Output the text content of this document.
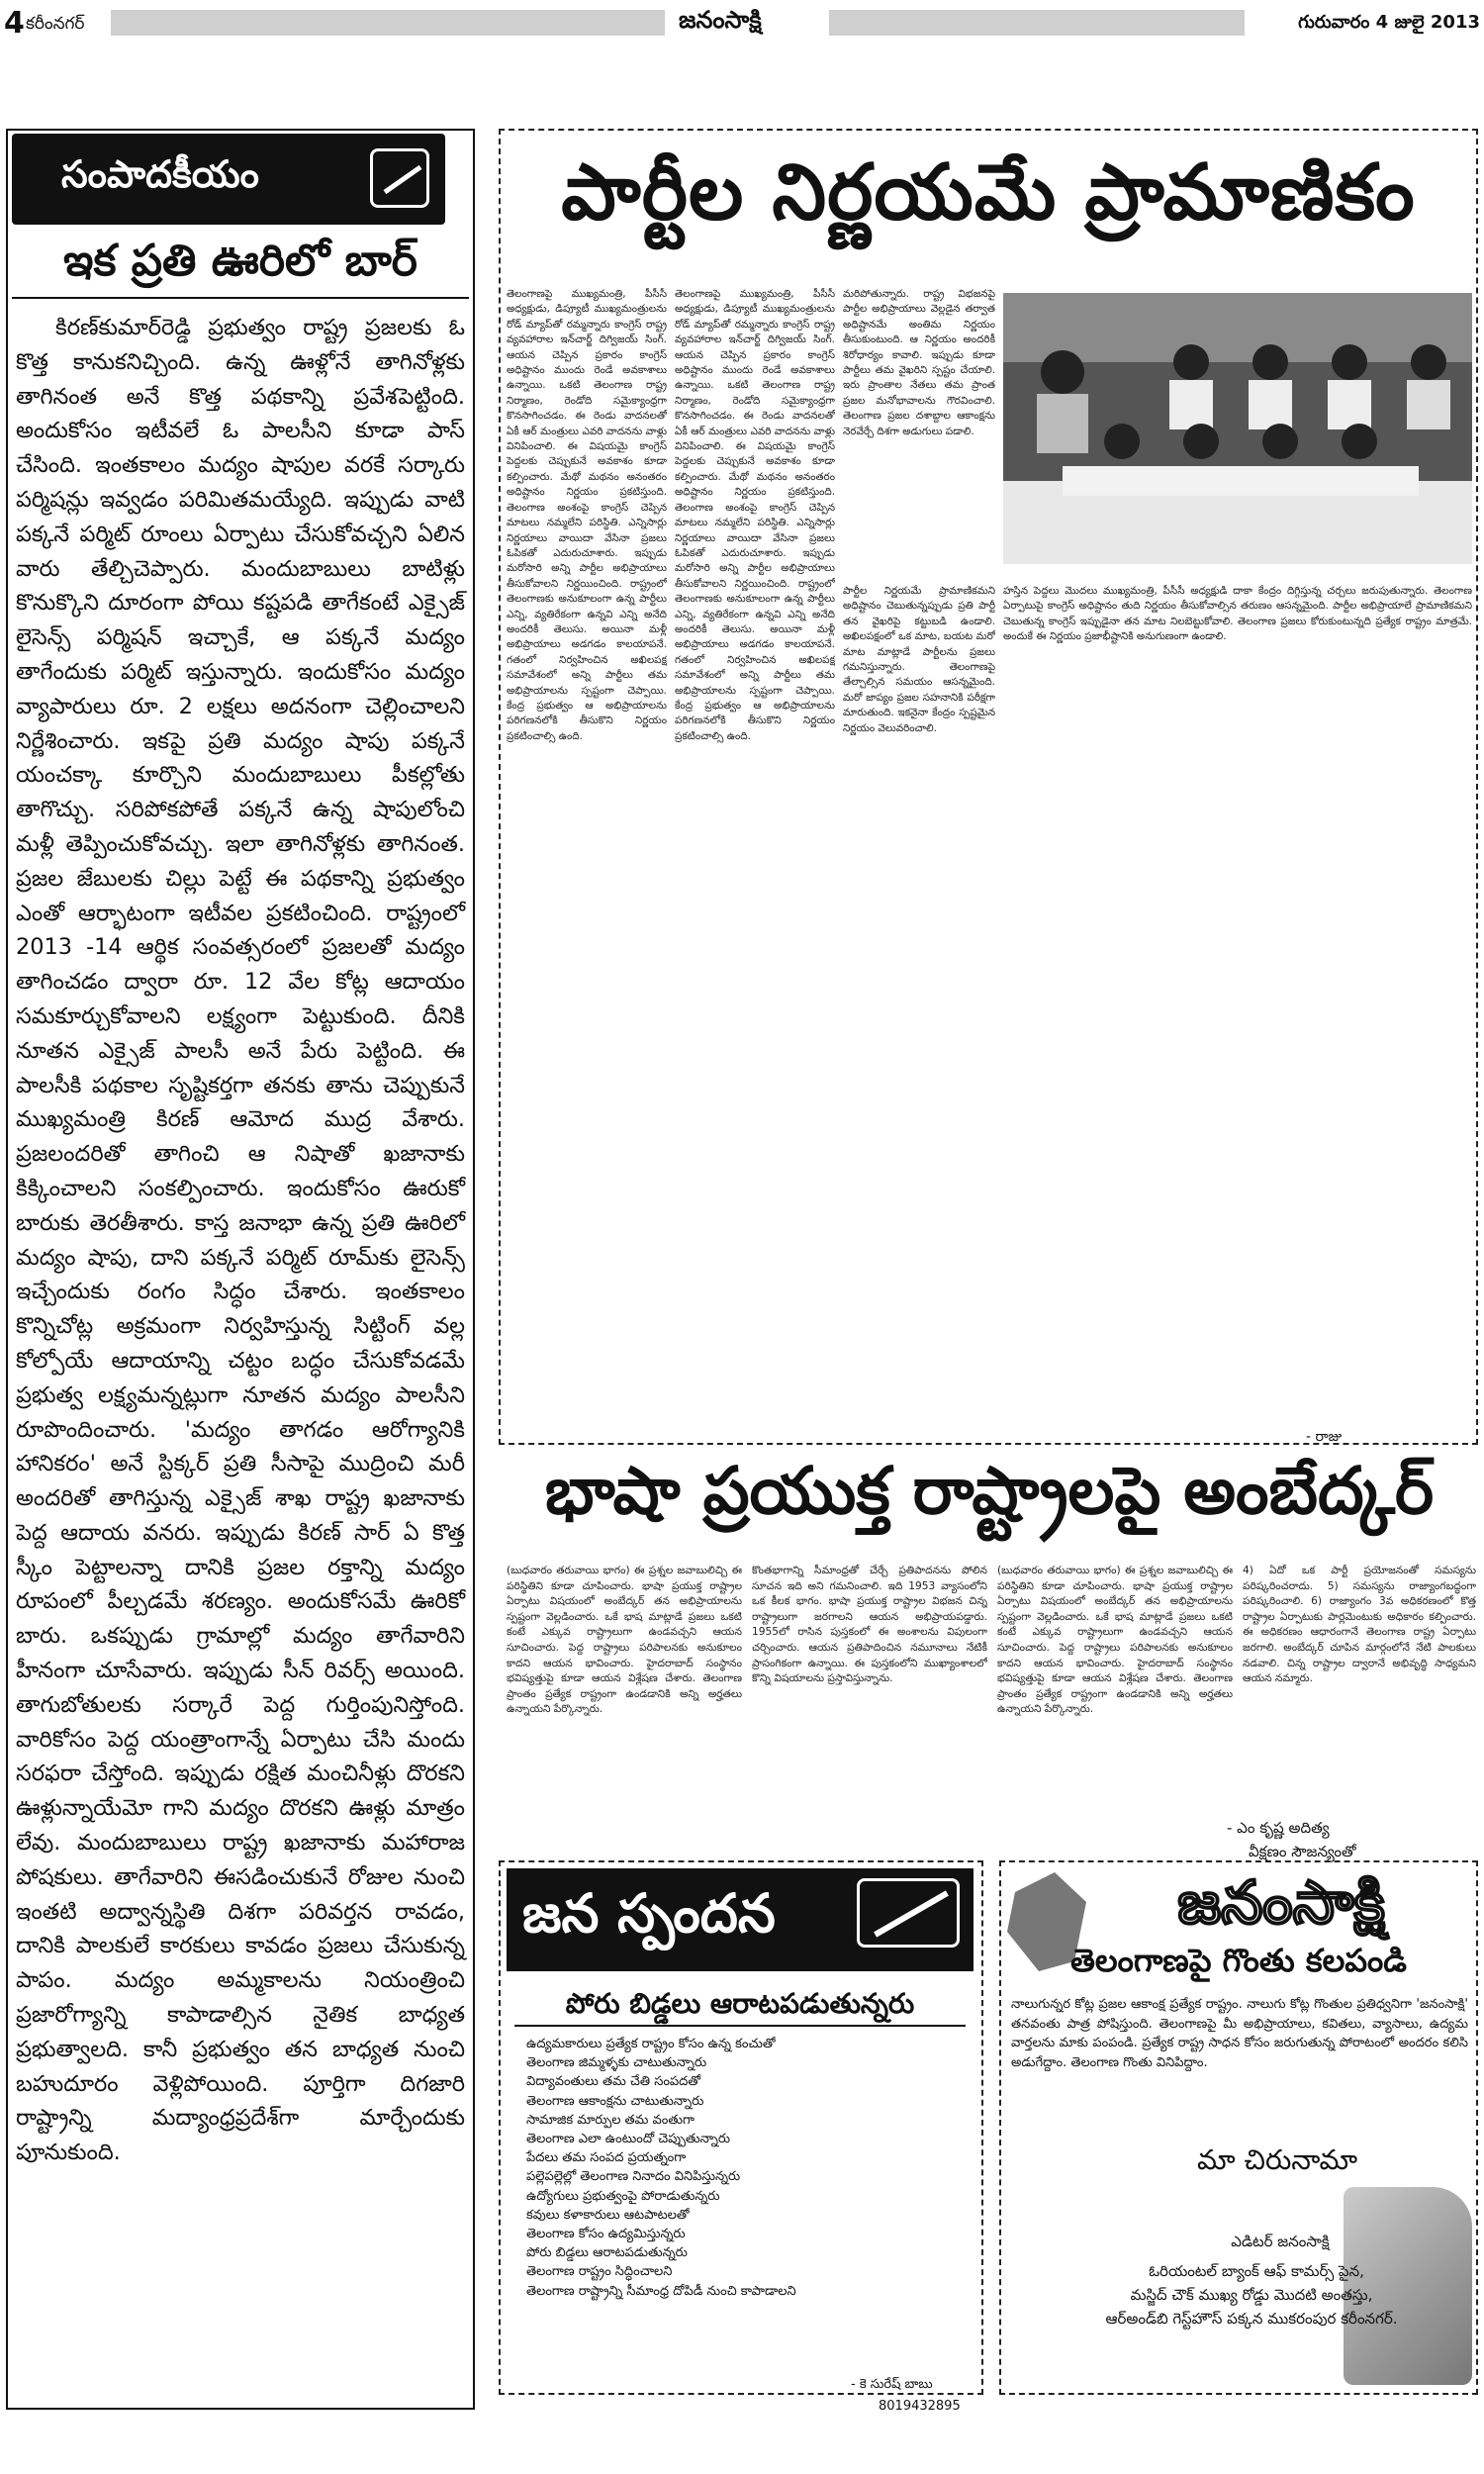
4 కరీంనగర్	జనంసాక్షి	గురువారం 4 జులై 2013
సంపాదకీయం
ఇక ప్రతి ఊరిలో బార్
కిరణ్‌కుమార్‌రెడ్డి ప్రభుత్వం రాష్ట్ర ప్రజలకు ఓ కొత్త కానుకనిచ్చింది. ఉన్న ఊళ్లోనే తాగినోళ్లకు తాగినంత అనే కొత్త పథకాన్ని ప్రవేశపెట్టింది. అందుకోసం ఇటీవలే ఓ పాలసీని కూడా పాస్ చేసింది. ఇంతకాలం మద్యం షాపుల వరకే సర్కారు పర్మిషన్లు ఇవ్వడం పరిమితమయ్యేది. ఇప్పుడు వాటి పక్కనే పర్మిట్ రూంలు ఏర్పాటు చేసుకోవచ్చని ఏలిన వారు తేల్చిచెప్పారు. మందుబాబులు బాటిళ్లు కొనుక్కొని దూరంగా పోయి కష్టపడి తాగేకంటే ఎక్సైజ్ లైసెన్స్ పర్మిషన్ ఇచ్చాకే, ఆ పక్కనే మద్యం తాగేందుకు పర్మిట్ ఇస్తున్నారు. ఇందుకోసం మద్యం వ్యాపారులు రూ. 2 లక్షలు అదనంగా చెల్లించాలని నిర్ణేశించారు. ఇకపై ప్రతి మద్యం షాపు పక్కనే యంచక్కా కూర్చొని మందుబాబులు పీకల్లోతు తాగొచ్చు. సరిపోకపోతే పక్కనే ఉన్న షాపులోంచి మళ్లీ తెప్పించుకోవచ్చు. ఇలా తాగినోళ్లకు తాగినంత. ప్రజల జేబులకు చిల్లు పెట్టే ఈ పథకాన్ని ప్రభుత్వం ఎంతో ఆర్భాటంగా ఇటీవల ప్రకటించింది. రాష్ట్రంలో 2013 -14 ఆర్థిక సంవత్సరంలో ప్రజలతో మద్యం తాగించడం ద్వారా రూ. 12 వేల కోట్ల ఆదాయం సమకూర్చుకోవాలని లక్ష్యంగా పెట్టుకుంది. దీనికి నూతన ఎక్సైజ్ పాలసీ అనే పేరు పెట్టింది. ఈ పాలసీకి పథకాల సృష్టికర్తగా తనకు తాను చెప్పుకునే ముఖ్యమంత్రి కిరణ్ ఆమోద ముద్ర వేశారు. ప్రజలందరితో తాగించి ఆ నిషాతో ఖజానాకు కిక్కించాలని సంకల్పించారు. ఇందుకోసం ఊరుకో బారుకు తెరతీశారు. కాస్త జనాభా ఉన్న ప్రతి ఊరిలో మద్యం షాపు, దాని పక్కనే పర్మిట్ రూమ్‌కు లైసెన్స్ ఇచ్చేందుకు రంగం సిద్ధం చేశారు. ఇంతకాలం కొన్నిచోట్ల అక్రమంగా నిర్వహిస్తున్న సిట్టింగ్ వల్ల కోల్పోయే ఆదాయాన్ని చట్టం బద్ధం చేసుకోవడమే ప్రభుత్వ లక్ష్యమన్నట్లుగా నూతన మద్యం పాలసీని రూపొందించారు. 'మద్యం తాగడం ఆరోగ్యానికి హానికరం' అనే స్టిక్కర్ ప్రతి సీసాపై ముద్రించి మరీ అందరితో తాగిస్తున్న ఎక్సైజ్ శాఖ రాష్ట్ర ఖజానాకు పెద్ద ఆదాయ వనరు. ఇప్పుడు కిరణ్ సార్ ఏ కొత్త స్కీం పెట్టాలన్నా దానికి ప్రజల రక్తాన్ని మద్యం రూపంలో పీల్చడమే శరణ్యం. అందుకోసమే ఊరికో బారు. ఒకప్పుడు గ్రామాల్లో మద్యం తాగేవారిని హీనంగా చూసేవారు. ఇప్పుడు సీన్ రివర్స్ అయింది. తాగుబోతులకు సర్కారే పెద్ద గుర్తింపునిస్తోంది. వారికోసం పెద్ద యంత్రాంగాన్నే ఏర్పాటు చేసి మందు సరఫరా చేస్తోంది. ఇప్పుడు రక్షిత మంచినీళ్లు దొరకని ఊళ్లున్నాయేమో గాని మద్యం దొరకని ఊళ్లు మాత్రం లేవు. మందుబాబులు రాష్ట్ర ఖజానాకు మహారాజ పోషకులు. తాగేవారిని ఈసడించుకునే రోజుల నుంచి ఇంతటి అద్వాన్నస్థితి దిశగా పరివర్తన రావడం, దానికి పాలకులే కారకులు కావడం ప్రజలు చేసుకున్న పాపం. మద్యం అమ్మకాలను నియంత్రించి ప్రజారోగ్యాన్ని కాపాడాల్సిన నైతిక బాధ్యత ప్రభుత్వాలది. కానీ ప్రభుత్వం తన బాధ్యత నుంచి బహుదూరం వెళ్లిపోయింది. పూర్తిగా దిగజారి రాష్ట్రాన్ని మద్యాంధ్రప్రదేశ్‌గా మార్చేందుకు పూనుకుంది.
పార్టీల నిర్ణయమే ప్రామాణికం
తెలంగాణపై ముఖ్యమంత్రి, పీసీసీ అధ్యక్షుడు, డిప్యూటీ ముఖ్యమంత్రులను రోడ్ మ్యాప్‌తో రమ్మన్నారు కాంగ్రెస్ రాష్ట్ర వ్యవహారాల ఇన్‌చార్జ్ దిగ్విజయ్ సింగ్. ఆయన చెప్పిన ప్రకారం కాంగ్రెస్ అధిష్టానం ముందు రెండే అవకాశాలు ఉన్నాయి. ఒకటి తెలంగాణ రాష్ట్ర నిర్మాణం, రెండోది సమైక్యాంధ్రగా కొనసాగించడం. ఈ రెండు వాదనలతో ఏకీ ఆర్ మంత్రులు ఎవరి వాదనను వాళ్లు వినిపించాలి. ఈ విషయమై కాంగ్రెస్ పెద్దలకు చెప్పుకునే అవకాశం కూడా కల్పించారు. మేథో మథనం అనంతరం అధిష్టానం నిర్ణయం ప్రకటిస్తుంది. తెలంగాణ అంశంపై కాంగ్రెస్ చెప్పిన మాటలు నమ్మలేని పరిస్థితి. ఎన్నిసార్లు నిర్ణయాలు వాయిదా వేసినా ప్రజలు ఓపికతో ఎదురుచూశారు. ఇప్పుడు మరోసారి అన్ని పార్టీల అభిప్రాయాలు తీసుకోవాలని నిర్ణయించింది. రాష్ట్రంలో తెలంగాణకు అనుకూలంగా ఉన్న పార్టీలు ఎన్ని, వ్యతిరేకంగా ఉన్నవి ఎన్ని అనేది అందరికీ తెలుసు. అయినా మళ్లీ అభిప్రాయాలు అడగడం కాలయాపనే. గతంలో నిర్వహించిన అఖిలపక్ష సమావేశంలో అన్ని పార్టీలు తమ అభిప్రాయాలను స్పష్టంగా చెప్పాయి. కేంద్ర ప్రభుత్వం ఆ అభిప్రాయాలను పరిగణనలోకి తీసుకొని నిర్ణయం ప్రకటించాల్సి ఉంది.
తెలంగాణపై ముఖ్యమంత్రి, పీసీసీ అధ్యక్షుడు, డిప్యూటీ ముఖ్యమంత్రులను రోడ్ మ్యాప్‌తో రమ్మన్నారు కాంగ్రెస్ రాష్ట్ర వ్యవహారాల ఇన్‌చార్జ్ దిగ్విజయ్ సింగ్. ఆయన చెప్పిన ప్రకారం కాంగ్రెస్ అధిష్టానం ముందు రెండే అవకాశాలు ఉన్నాయి. ఒకటి తెలంగాణ రాష్ట్ర నిర్మాణం, రెండోది సమైక్యాంధ్రగా కొనసాగించడం. ఈ రెండు వాదనలతో ఏకీ ఆర్ మంత్రులు ఎవరి వాదనను వాళ్లు వినిపించాలి. ఈ విషయమై కాంగ్రెస్ పెద్దలకు చెప్పుకునే అవకాశం కూడా కల్పించారు. మేథో మథనం అనంతరం అధిష్టానం నిర్ణయం ప్రకటిస్తుంది. తెలంగాణ అంశంపై కాంగ్రెస్ చెప్పిన మాటలు నమ్మలేని పరిస్థితి. ఎన్నిసార్లు నిర్ణయాలు వాయిదా వేసినా ప్రజలు ఓపికతో ఎదురుచూశారు. ఇప్పుడు మరోసారి అన్ని పార్టీల అభిప్రాయాలు తీసుకోవాలని నిర్ణయించింది. రాష్ట్రంలో తెలంగాణకు అనుకూలంగా ఉన్న పార్టీలు ఎన్ని, వ్యతిరేకంగా ఉన్నవి ఎన్ని అనేది అందరికీ తెలుసు. అయినా మళ్లీ అభిప్రాయాలు అడగడం కాలయాపనే. గతంలో నిర్వహించిన అఖిలపక్ష సమావేశంలో అన్ని పార్టీలు తమ అభిప్రాయాలను స్పష్టంగా చెప్పాయి. కేంద్ర ప్రభుత్వం ఆ అభిప్రాయాలను పరిగణనలోకి తీసుకొని నిర్ణయం ప్రకటించాల్సి ఉంది.
మరిపోతున్నారు. రాష్ట్ర విభజనపై పార్టీల అభిప్రాయాలు వెల్లడైన తర్వాత అధిష్టానమే అంతిమ నిర్ణయం తీసుకుంటుంది. ఆ నిర్ణయం అందరికీ శిరోధార్యం కావాలి. ఇప్పుడు కూడా పార్టీలు తమ వైఖరిని స్పష్టం చేయాలి. ఇరు ప్రాంతాల నేతలు తమ ప్రాంత ప్రజల మనోభావాలను గౌరవించాలి. తెలంగాణ ప్రజల దశాబ్దాల ఆకాంక్షను నెరవేర్చే దిశగా అడుగులు పడాలి.
పార్టీల నిర్ణయమే ప్రామాణికమని అధిష్టానం చెబుతున్నప్పుడు ప్రతి పార్టీ తన వైఖరిపై కట్టుబడి ఉండాలి. అఖిలపక్షంలో ఒక మాట, బయట మరో మాట మాట్లాడే పార్టీలను ప్రజలు గమనిస్తున్నారు. తెలంగాణపై తేల్చాల్సిన సమయం ఆసన్నమైంది. మరో జాప్యం ప్రజల సహనానికి పరీక్షగా మారుతుంది. ఇకనైనా కేంద్రం స్పష్టమైన నిర్ణయం వెలువరించాలి.
హస్తిన పెద్దలు మొదలు ముఖ్యమంత్రి, పీసీసీ అధ్యక్షుడి దాకా కేంద్రం దిగ్గిస్తున్న చర్చలు జరుపుతున్నారు. తెలంగాణ ఏర్పాటుపై కాంగ్రెస్ అధిష్టానం తుది నిర్ణయం తీసుకోవాల్సిన తరుణం ఆసన్నమైంది. పార్టీల అభిప్రాయాలే ప్రామాణికమని చెబుతున్న కాంగ్రెస్ ఇప్పుడైనా తన మాట నిలబెట్టుకోవాలి. తెలంగాణ ప్రజలు కోరుకుంటున్నది ప్రత్యేక రాష్ట్రం మాత్రమే. అందుకే ఈ నిర్ణయం ప్రజాభీష్టానికి అనుగుణంగా ఉండాలి.
- రాజు
భాషా ప్రయుక్త రాష్ట్రాలపై అంబేద్కర్
(బుధవారం తరువాయి భాగం) ఈ ప్రశ్నల జవాబులిచ్చి ఈ పరిస్థితిని కూడా చూపించారు. భాషా ప్రయుక్త రాష్ట్రాల ఏర్పాటు విషయంలో అంబేద్కర్ తన అభిప్రాయాలను స్పష్టంగా వెల్లడించారు. ఒకే భాష మాట్లాడే ప్రజలు ఒకటి కంటే ఎక్కువ రాష్ట్రాలుగా ఉండవచ్చని ఆయన సూచించారు. పెద్ద రాష్ట్రాలు పరిపాలనకు అనుకూలం కాదని ఆయన భావించారు. హైదరాబాద్ సంస్థానం భవిష్యత్తుపై కూడా ఆయన విశ్లేషణ చేశారు. తెలంగాణ ప్రాంతం ప్రత్యేక రాష్ట్రంగా ఉండడానికి అన్ని అర్హతలు ఉన్నాయని పేర్కొన్నారు.
కొంతభాగాన్ని సీమాంధ్రతో చేర్చే ప్రతిపాదనను పోలిన సూచన ఇది అని గమనించాలి. ఇది 1953 వ్యాసంలోని ఒక కీలక భాగం. భాషా ప్రయుక్త రాష్ట్రాల విభజన చిన్న రాష్ట్రాలుగా జరగాలని ఆయన అభిప్రాయపడ్డారు. 1955లో రాసిన పుస్తకంలో ఈ అంశాలను విపులంగా చర్చించారు. ఆయన ప్రతిపాదించిన నమూనాలు నేటికీ ప్రాసంగికంగా ఉన్నాయి. ఈ పుస్తకంలోని ముఖ్యాంశాలలో కొన్ని విషయాలను ప్రస్తావిస్తున్నాను.
(బుధవారం తరువాయి భాగం) ఈ ప్రశ్నల జవాబులిచ్చి ఈ పరిస్థితిని కూడా చూపించారు. భాషా ప్రయుక్త రాష్ట్రాల ఏర్పాటు విషయంలో అంబేద్కర్ తన అభిప్రాయాలను స్పష్టంగా వెల్లడించారు. ఒకే భాష మాట్లాడే ప్రజలు ఒకటి కంటే ఎక్కువ రాష్ట్రాలుగా ఉండవచ్చని ఆయన సూచించారు. పెద్ద రాష్ట్రాలు పరిపాలనకు అనుకూలం కాదని ఆయన భావించారు. హైదరాబాద్ సంస్థానం భవిష్యత్తుపై కూడా ఆయన విశ్లేషణ చేశారు. తెలంగాణ ప్రాంతం ప్రత్యేక రాష్ట్రంగా ఉండడానికి అన్ని అర్హతలు ఉన్నాయని పేర్కొన్నారు.
4) ఏదో ఒక పార్టీ ప్రయోజనంతో సమస్యను పరిష్కరించరాదు. 5) సమస్యను రాజ్యాంగబద్ధంగా పరిష్కరించాలి. 6) రాజ్యాంగం 3వ అధికరణంలో కొత్త రాష్ట్రాల ఏర్పాటుకు పార్లమెంటుకు అధికారం కల్పించారు. ఈ అధికరణం ఆధారంగానే తెలంగాణ రాష్ట్ర ఏర్పాటు జరగాలి. అంబేద్కర్ చూపిన మార్గంలోనే నేటి పాలకులు నడవాలి. చిన్న రాష్ట్రాల ద్వారానే అభివృద్ధి సాధ్యమని ఆయన నమ్మారు.
- ఎం కృష్ణ అదిత్య
వీక్షణం సౌజన్యంతో
జన స్పందన
పోరు బిడ్డలు ఆరాటపడుతున్నరు
ఉద్యమకారులు ప్రత్యేక రాష్ట్రం కోసం ఉన్న కంచుతో
తెలంగాణ జిమ్మళ్ళకు చాటుతున్నారు
విద్యావంతులు తమ చేతి సంపదతో
తెలంగాణ ఆకాంక్షను చాటుతున్నారు
సామాజిక మార్పుల తమ వంతుగా
తెలంగాణ ఎలా ఉంటుందో చెప్పుతున్నారు
పేదలు తమ సంపద ప్రయత్నంగా
పల్లెపల్లెల్లో తెలంగాణ నినాదం వినిపిస్తున్నరు
ఉద్యోగులు ప్రభుత్వంపై పోరాడుతున్నరు
కవులు కళాకారులు ఆటపాటలతో
తెలంగాణ కోసం ఉద్యమిస్తున్నరు
పోరు బిడ్డలు ఆరాటపడుతున్నరు
తెలంగాణ రాష్ట్రం సిద్ధించాలని
తెలంగాణ రాష్ట్రాన్ని సీమాంధ్ర దోపిడీ నుంచి కాపాడాలని
- కె సురేష్ బాబు
8019432895
జనంసాక్షి
తెలంగాణపై గొంతు కలపండి
నాలుగున్నర కోట్ల ప్రజల ఆకాంక్ష ప్రత్యేక రాష్ట్రం. నాలుగు కోట్ల గొంతుల ప్రతిధ్వనిగా 'జనంసాక్షి' తనవంతు పాత్ర పోషిస్తుంది. తెలంగాణపై మీ అభిప్రాయాలు, కవితలు, వ్యాసాలు, ఉద్యమ వార్తలను మాకు పంపండి. ప్రత్యేక రాష్ట్ర సాధన కోసం జరుగుతున్న పోరాటంలో అందరం కలిసి అడుగేద్దాం. తెలంగాణ గొంతు వినిపిద్దాం.
మా చిరునామా
ఎడిటర్ జనంసాక్షి
ఓరియంటల్ బ్యాంక్ ఆఫ్ కామర్స్ పైన,
మస్జిద్ చౌక్‌ ముఖ్య రోడ్డు మొదటి అంతస్తు,
ఆర్‌అండ్‌బి గెస్ట్‌హౌస్ పక్కన ముకరంపుర కరీంనగర్.
